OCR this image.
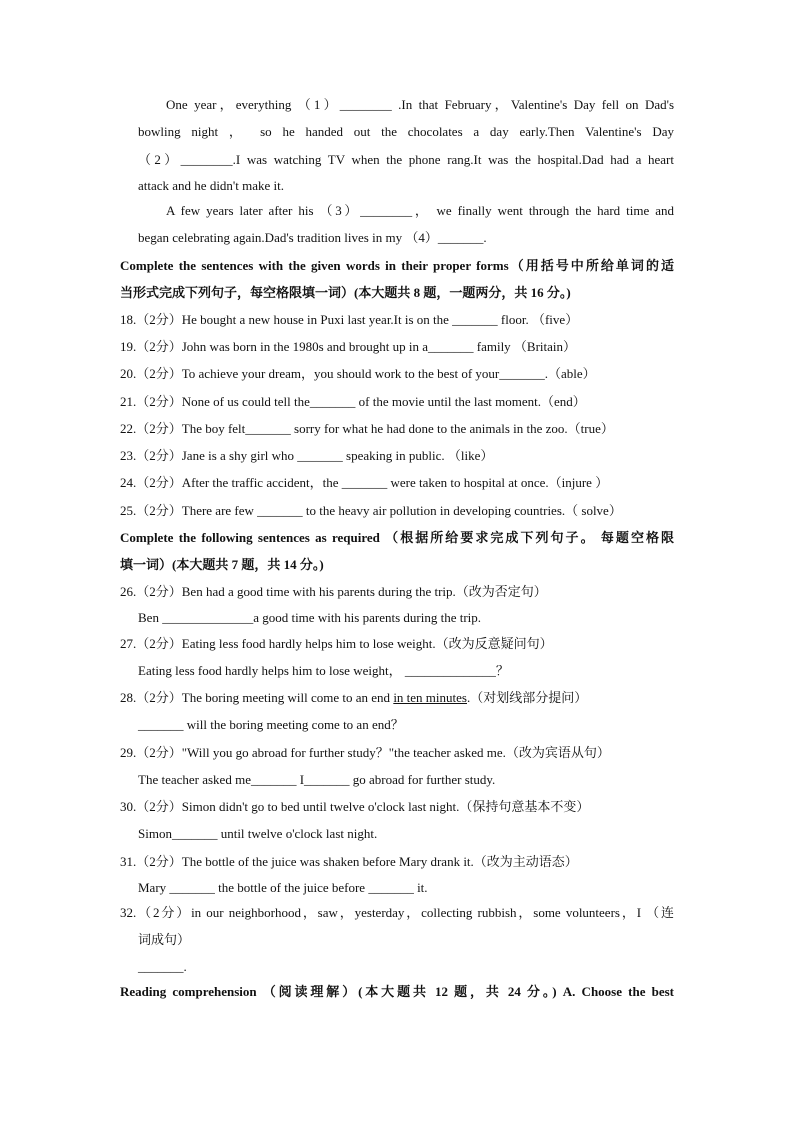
One year，everything （1）________ .In that February，Valentine's Day fell on Dad's
bowling night ， so he handed out the chocolates a day early.Then Valentine's Day
（2）________.I was watching TV when the phone rang.It was the hospital.Dad had a heart
attack and he didn't make it.
A few years later after his （3）________， we finally went through the hard time and
began celebrating again.Dad's tradition lives in my （4）_______.
Complete the sentences with the given words in their proper forms（用括号中所给单词的适
当形式完成下列句子，每空格限填一词）(本大题共 8 题，一题两分，共 16 分。)
18.（2分）He bought a new house in Puxi last year.It is on the _______ floor. （five）
19.（2分）John was born in the 1980s and brought up in a_______ family （Britain）
20.（2分）To achieve your dream，you should work to the best of your_______.（able）
21.（2分）None of us could tell the_______ of the movie until the last moment.（end）
22.（2分）The boy felt_______ sorry for what he had done to the animals in the zoo.（true）
23.（2分）Jane is a shy girl who _______ speaking in public. （like）
24.（2分）After the traffic accident，the _______ were taken to hospital at once.（injure ）
25.（2分）There are few _______ to the heavy air pollution in developing countries.（ solve）
Complete the following sentences as required （根据所给要求完成下列句子。 每题空格限
填一词）(本大题共 7 题，共 14 分。)
26.（2分）Ben had a good time with his parents during the trip.（改为否定句）
Ben ______________a good time with his parents during the trip.
27.（2分）Eating less food hardly helps him to lose weight.（改为反意疑问句）
Eating less food hardly helps him to lose weight， ______________？
28.（2分）The boring meeting will come to an end in ten minutes.（对划线部分提问）
_______ will the boring meeting come to an end？
29.（2分）"Will you go abroad for further study？"the teacher asked me.（改为宾语从句）
The teacher asked me_______ I_______ go abroad for further study.
30.（2分）Simon didn't go to bed until twelve o'clock last night.（保持句意基本不变）
Simon_______ until twelve o'clock last night.
31.（2分）The bottle of the juice was shaken before Mary drank it.（改为主动语态）
Mary _______ the bottle of the juice before _______ it.
32.（2分）in our neighborhood，saw，yesterday，collecting rubbish，some volunteers，I （连
词成句）
_______.
Reading comprehension （阅读理解）(本大题共 12 题，共 24 分。) A. Choose the best
